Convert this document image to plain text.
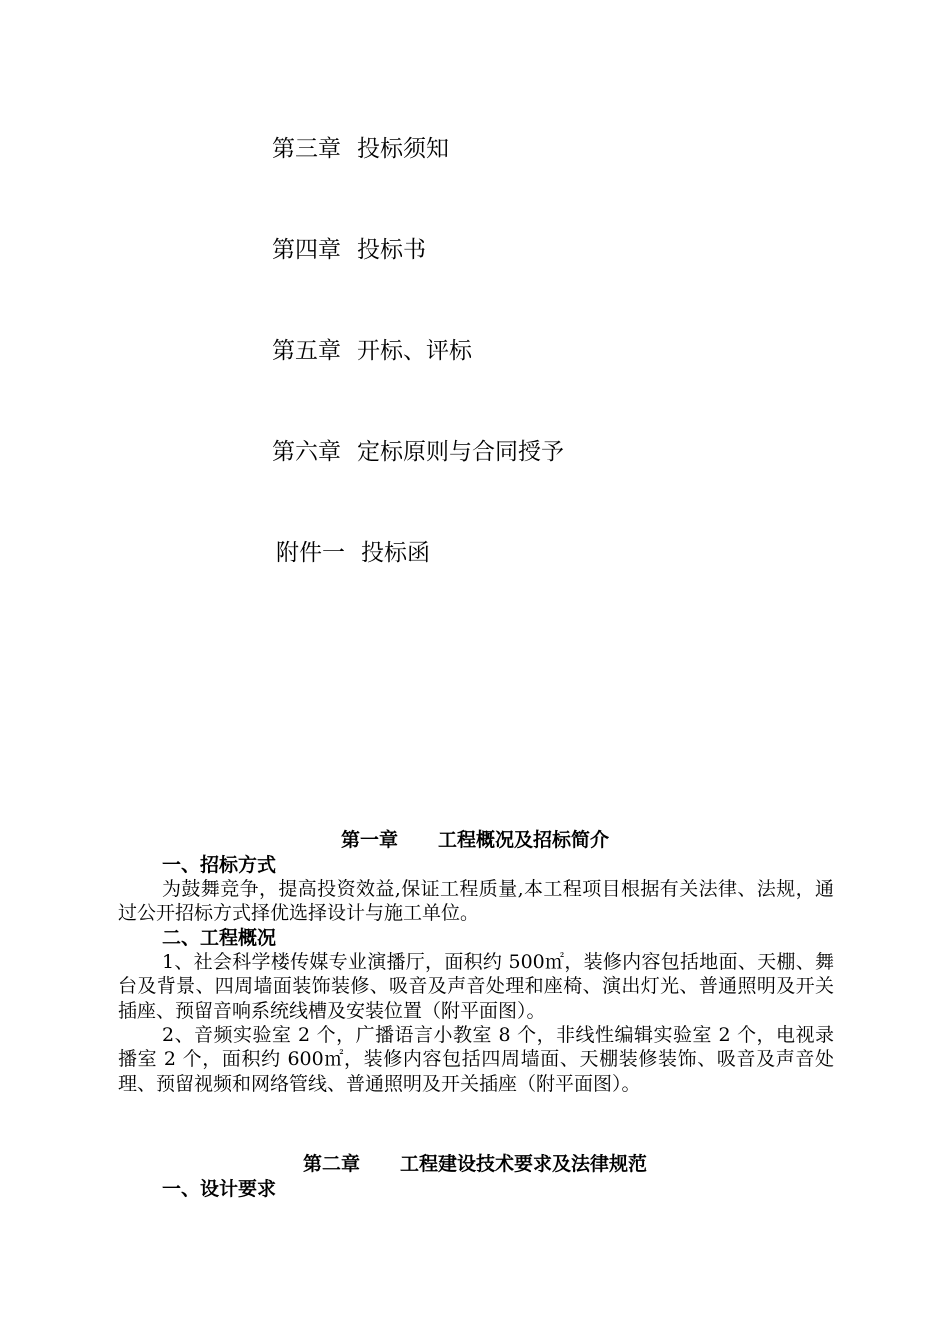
第三章 投标须知
第四章 投标书
第五章 开标、评标
第六章 定标原则与合同授予
附件一 投标函
第一章 工程概况及招标简介
一、招标方式
为鼓舞竞争，提高投资效益,保证工程质量,本工程项目根据有关法律、法规，通过公开招标方式择优选择设计与施工单位。
二、工程概况
1、社会科学楼传媒专业演播厅，面积约 500㎡，装修内容包括地面、天棚、舞台及背景、四周墙面装饰装修、吸音及声音处理和座椅、演出灯光、普通照明及开关插座、预留音响系统线槽及安装位置（附平面图）。
2、音频实验室 2 个，广播语言小教室 8 个，非线性编辑实验室 2 个，电视录播室 2 个，面积约 600㎡，装修内容包括四周墙面、天棚装修装饰、吸音及声音处理、预留视频和网络管线、普通照明及开关插座（附平面图）。
第二章 工程建设技术要求及法律规范
一、设计要求
